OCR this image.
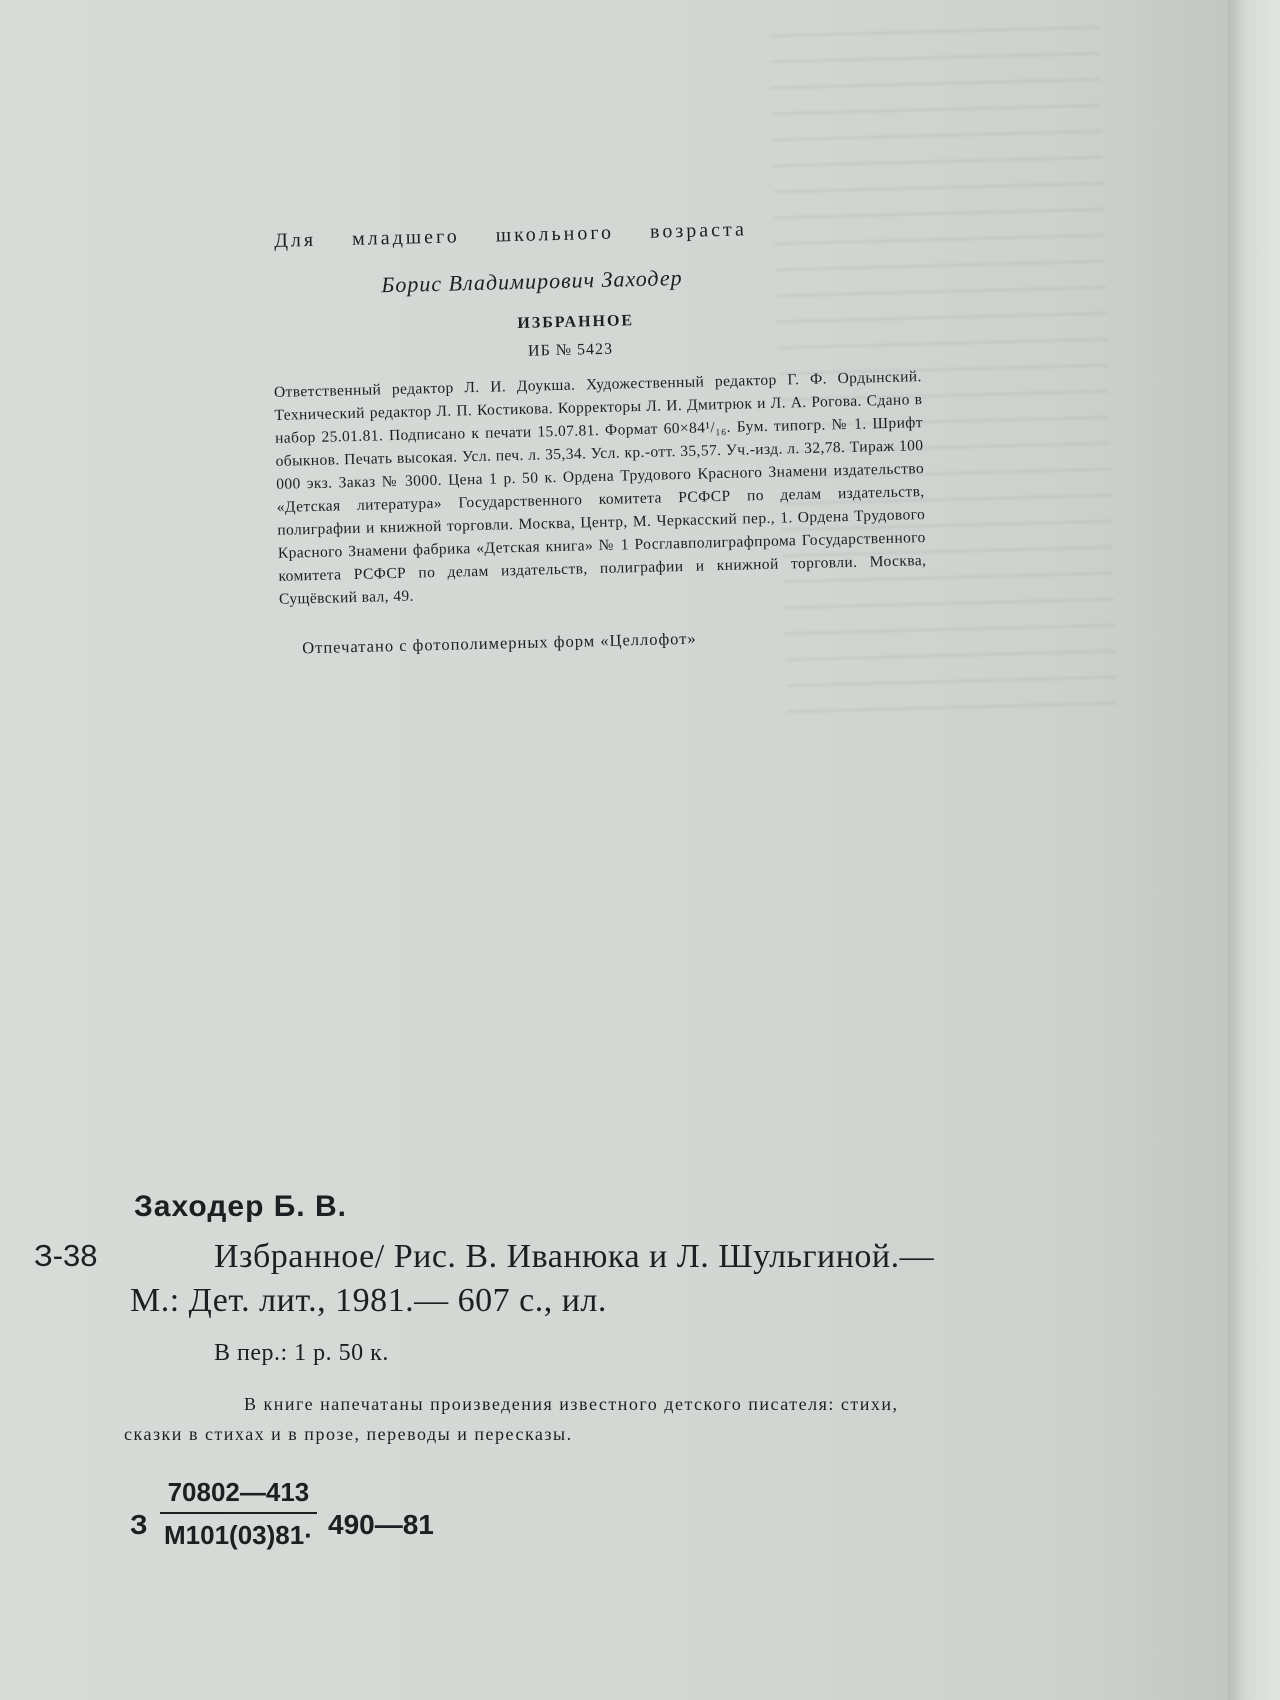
Для младшего школьного возраста
Борис Владимирович Заходер
ИЗБРАННОЕ
ИБ № 5423

Ответственный редактор Л. И. Доукша. Художественный редактор Г. Ф. Ордынский. Технический редактор Л. П. Костикова. Корректоры Л. И. Дмитрюк и Л. А. Рогова. Сдано в набор 25.01.81. Подписано к печати 15.07.81. Формат 60×84¹/₁₆. Бум. типогр. № 1. Шрифт обыкнов. Печать высокая. Усл. печ. л. 35,34. Усл. кр.-отт. 35,57. Уч.-изд. л. 32,78. Тираж 100 000 экз. Заказ № 3000. Цена 1 р. 50 к. Ордена Трудового Красного Знамени издательство «Детская литература» Государственного комитета РСФСР по делам издательств, полиграфии и книжной торговли. Москва, Центр, М. Черкасский пер., 1. Ордена Трудового Красного Знамени фабрика «Детская книга» № 1 Росглавполиграфпрома Государственного комитета РСФСР по делам издательств, полиграфии и книжной торговли. Москва, Сущёвский вал, 49.

Отпечатано с фотополимерных форм «Целлофот»
Заходер Б. В.
З-38	Избранное/ Рис. В. Иванюка и Л. Шульгиной.—
М.: Дет. лит., 1981.— 607 с., ил.
В пер.: 1 р. 50 к.
В книге напечатаны произведения известного детского писателя: стихи,
сказки в стихах и в прозе, переводы и пересказы.
З
70802—413
М101(03)81· 490—81
